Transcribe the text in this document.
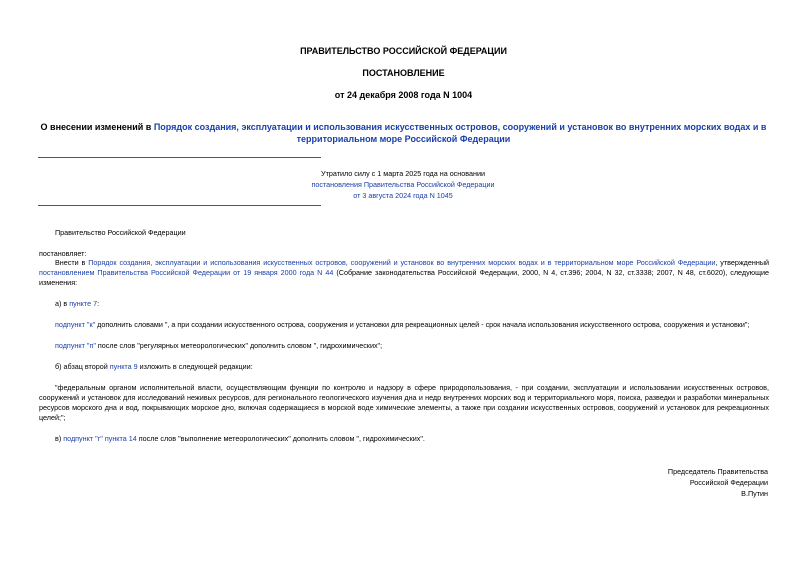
ПРАВИТЕЛЬСТВО РОССИЙСКОЙ ФЕДЕРАЦИИ
ПОСТАНОВЛЕНИЕ
от 24 декабря 2008 года N 1004
О внесении изменений в Порядок создания, эксплуатации и использования искусственных островов, сооружений и установок во внутренних морских водах и в территориальном море Российской Федерации
Утратило силу с 1 марта 2025 года на основании
постановления Правительства Российской Федерации
от 3 августа 2024 года N 1045
Правительство Российской Федерации
постановляет:
Внести в Порядок создания, эксплуатации и использования искусственных островов, сооружений и установок во внутренних морских водах и в территориальном море Российской Федерации, утвержденный постановлением Правительства Российской Федерации от 19 января 2000 года N 44 (Собрание законодательства Российской Федерации, 2000, N 4, ст.396; 2004, N 32, ст.3338; 2007, N 48, ст.6020), следующие изменения:
а) в пункте 7:
подпункт "к" дополнить словами ", а при создании искусственного острова, сооружения и установки для рекреационных целей - срок начала использования искусственного острова, сооружения и установки";
подпункт "п" после слов "регулярных метеорологических" дополнить словом ", гидрохимических";
б) абзац второй пункта 9 изложить в следующей редакции:
"федеральным органом исполнительной власти, осуществляющим функции по контролю и надзору в сфере природопользования, - при создании, эксплуатации и использовании искусственных островов, сооружений и установок для исследований неживых ресурсов, для регионального геологического изучения дна и недр внутренних морских вод и территориального моря, поиска, разведки и разработки минеральных ресурсов морского дна и вод, покрывающих морское дно, включая содержащиеся в морской воде химические элементы, а также при создании искусственных островов, сооружений и установок для рекреационных целей;";
в) подпункт "г" пункта 14 после слов "выполнение метеорологических" дополнить словом ", гидрохимических".
Председатель Правительства
Российской Федерации
В.Путин
